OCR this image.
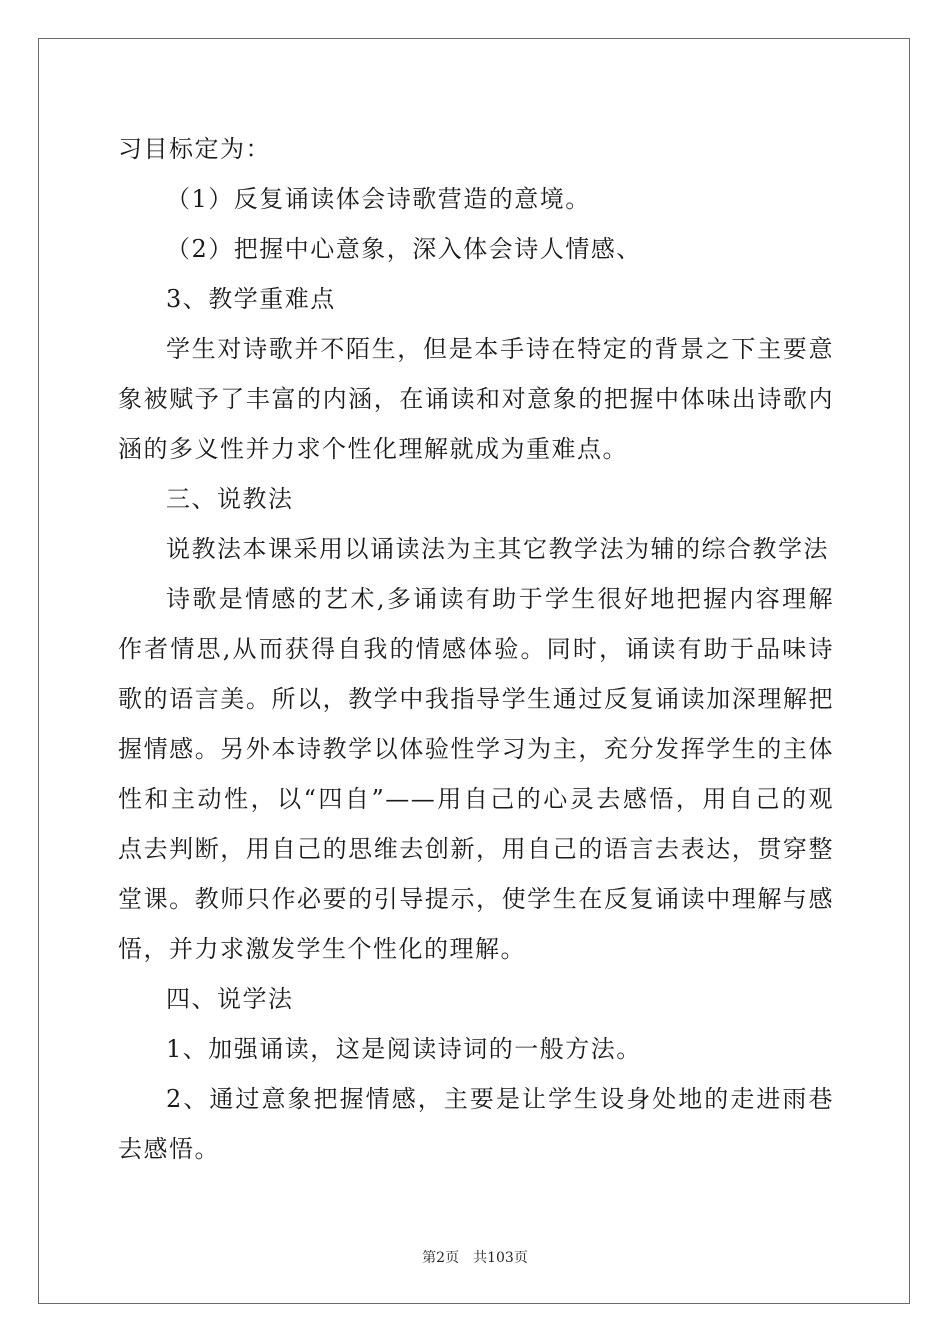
习目标定为：

（1）反复诵读体会诗歌营造的意境。

（2）把握中心意象，深入体会诗人情感、

3、教学重难点

学生对诗歌并不陌生，但是本手诗在特定的背景之下主要意象被赋予了丰富的内涵，在诵读和对意象的把握中体味出诗歌内涵的多义性并力求个性化理解就成为重难点。

三、说教法

说教法本课采用以诵读法为主其它教学法为辅的综合教学法

诗歌是情感的艺术,多诵读有助于学生很好地把握内容理解作者情思,从而获得自我的情感体验。同时，诵读有助于品味诗歌的语言美。所以，教学中我指导学生通过反复诵读加深理解把握情感。另外本诗教学以体验性学习为主，充分发挥学生的主体性和主动性，以“四自”——用自己的心灵去感悟，用自己的观点去判断，用自己的思维去创新，用自己的语言去表达，贯穿整堂课。教师只作必要的引导提示，使学生在反复诵读中理解与感悟，并力求激发学生个性化的理解。

四、说学法

1、加强诵读，这是阅读诗词的一般方法。

2、通过意象把握情感，主要是让学生设身处地的走进雨巷去感悟。

第2页 共103页
